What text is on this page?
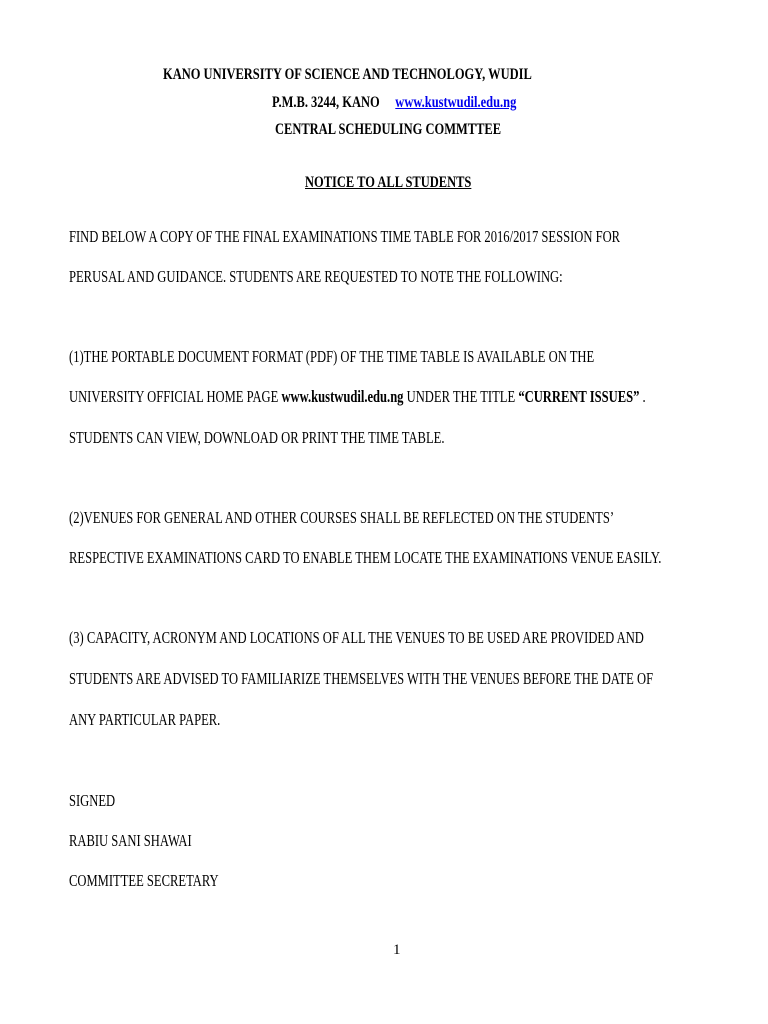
KANO UNIVERSITY OF SCIENCE AND TECHNOLOGY, WUDIL
P.M.B. 3244, KANO www.kustwudil.edu.ng
CENTRAL SCHEDULING COMMTTEE
NOTICE TO ALL STUDENTS
FIND BELOW A COPY OF THE FINAL EXAMINATIONS TIME TABLE FOR 2016/2017 SESSION FOR
PERUSAL AND GUIDANCE. STUDENTS ARE REQUESTED TO NOTE THE FOLLOWING:
(1)THE PORTABLE DOCUMENT FORMAT (PDF) OF THE TIME TABLE IS AVAILABLE ON THE
UNIVERSITY OFFICIAL HOME PAGE www.kustwudil.edu.ng UNDER THE TITLE “CURRENT ISSUES” .
STUDENTS CAN VIEW, DOWNLOAD OR PRINT THE TIME TABLE.
(2)VENUES FOR GENERAL AND OTHER COURSES SHALL BE REFLECTED ON THE STUDENTS’
RESPECTIVE EXAMINATIONS CARD TO ENABLE THEM LOCATE THE EXAMINATIONS VENUE EASILY.
(3) CAPACITY, ACRONYM AND LOCATIONS OF ALL THE VENUES TO BE USED ARE PROVIDED AND
STUDENTS ARE ADVISED TO FAMILIARIZE THEMSELVES WITH THE VENUES BEFORE THE DATE OF
ANY PARTICULAR PAPER.
SIGNED
RABIU SANI SHAWAI
COMMITTEE SECRETARY
1
